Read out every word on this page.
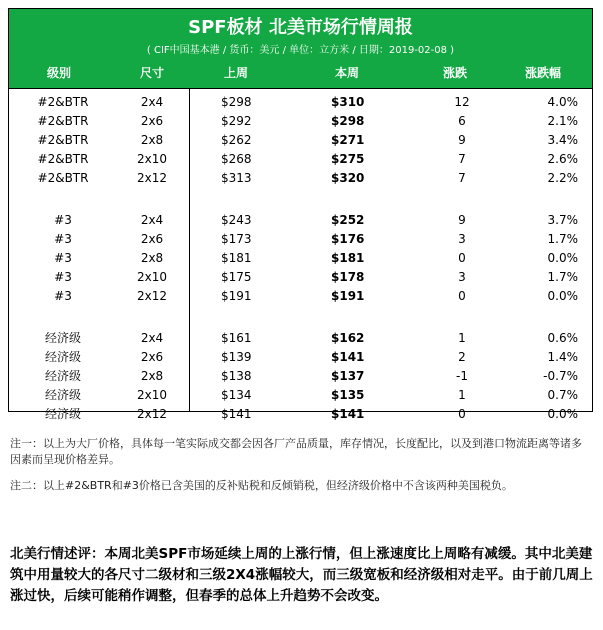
SPF板材 北美市场行情周报
( CIF中国基本港 / 货币：美元 / 单位：立方米 / 日期：2019-02-08 )
级别	尺寸	上周	本周	涨跌	涨跌幅
#2&BTR	2x4	$298	$310	12	4.0%
#2&BTR	2x6	$292	$298	6	2.1%
#2&BTR	2x8	$262	$271	9	3.4%
#2&BTR	2x10	$268	$275	7	2.6%
#2&BTR	2x12	$313	$320	7	2.2%
#3	2x4	$243	$252	9	3.7%
#3	2x6	$173	$176	3	1.7%
#3	2x8	$181	$181	0	0.0%
#3	2x10	$175	$178	3	1.7%
#3	2x12	$191	$191	0	0.0%
经济级	2x4	$161	$162	1	0.6%
经济级	2x6	$139	$141	2	1.4%
经济级	2x8	$138	$137	-1	-0.7%
经济级	2x10	$134	$135	1	0.7%
经济级	2x12	$141	$141	0	0.0%
注一：以上为大厂价格，具体每一笔实际成交都会因各厂产品质量，库存情况，长度配比，以及到港口物流距离等诸多因素而呈现价格差异。
注二：以上#2&BTR和#3价格已含美国的反补贴税和反倾销税，但经济级价格中不含该两种美国税负。
北美行情述评：本周北美SPF市场延续上周的上涨行情，但上涨速度比上周略有减缓。其中北美建筑中用量较大的各尺寸二级材和三级2X4涨幅较大，而三级宽板和经济级相对走平。由于前几周上涨过快，后续可能稍作调整，但春季的总体上升趋势不会改变。
